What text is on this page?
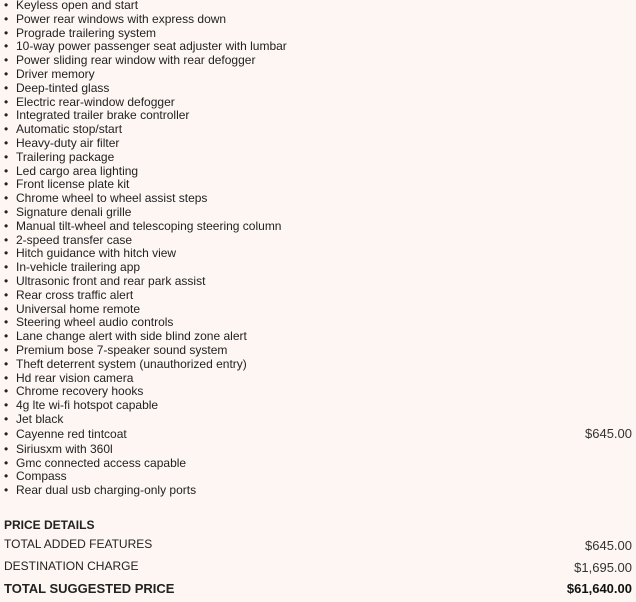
• Keyless open and start
• Power rear windows with express down
• Prograde trailering system
• 10-way power passenger seat adjuster with lumbar
• Power sliding rear window with rear defogger
• Driver memory
• Deep-tinted glass
• Electric rear-window defogger
• Integrated trailer brake controller
• Automatic stop/start
• Heavy-duty air filter
• Trailering package
• Led cargo area lighting
• Front license plate kit
• Chrome wheel to wheel assist steps
• Signature denali grille
• Manual tilt-wheel and telescoping steering column
• 2-speed transfer case
• Hitch guidance with hitch view
• In-vehicle trailering app
• Ultrasonic front and rear park assist
• Rear cross traffic alert
• Universal home remote
• Steering wheel audio controls
• Lane change alert with side blind zone alert
• Premium bose 7-speaker sound system
• Theft deterrent system (unauthorized entry)
• Hd rear vision camera
• Chrome recovery hooks
• 4g lte wi-fi hotspot capable
• Jet black
• Cayenne red tintcoat	$645.00
• Siriusxm with 360l
• Gmc connected access capable
• Compass
• Rear dual usb charging-only ports
PRICE DETAILS
TOTAL ADDED FEATURES	$645.00
DESTINATION CHARGE	$1,695.00
TOTAL SUGGESTED PRICE	$61,640.00
